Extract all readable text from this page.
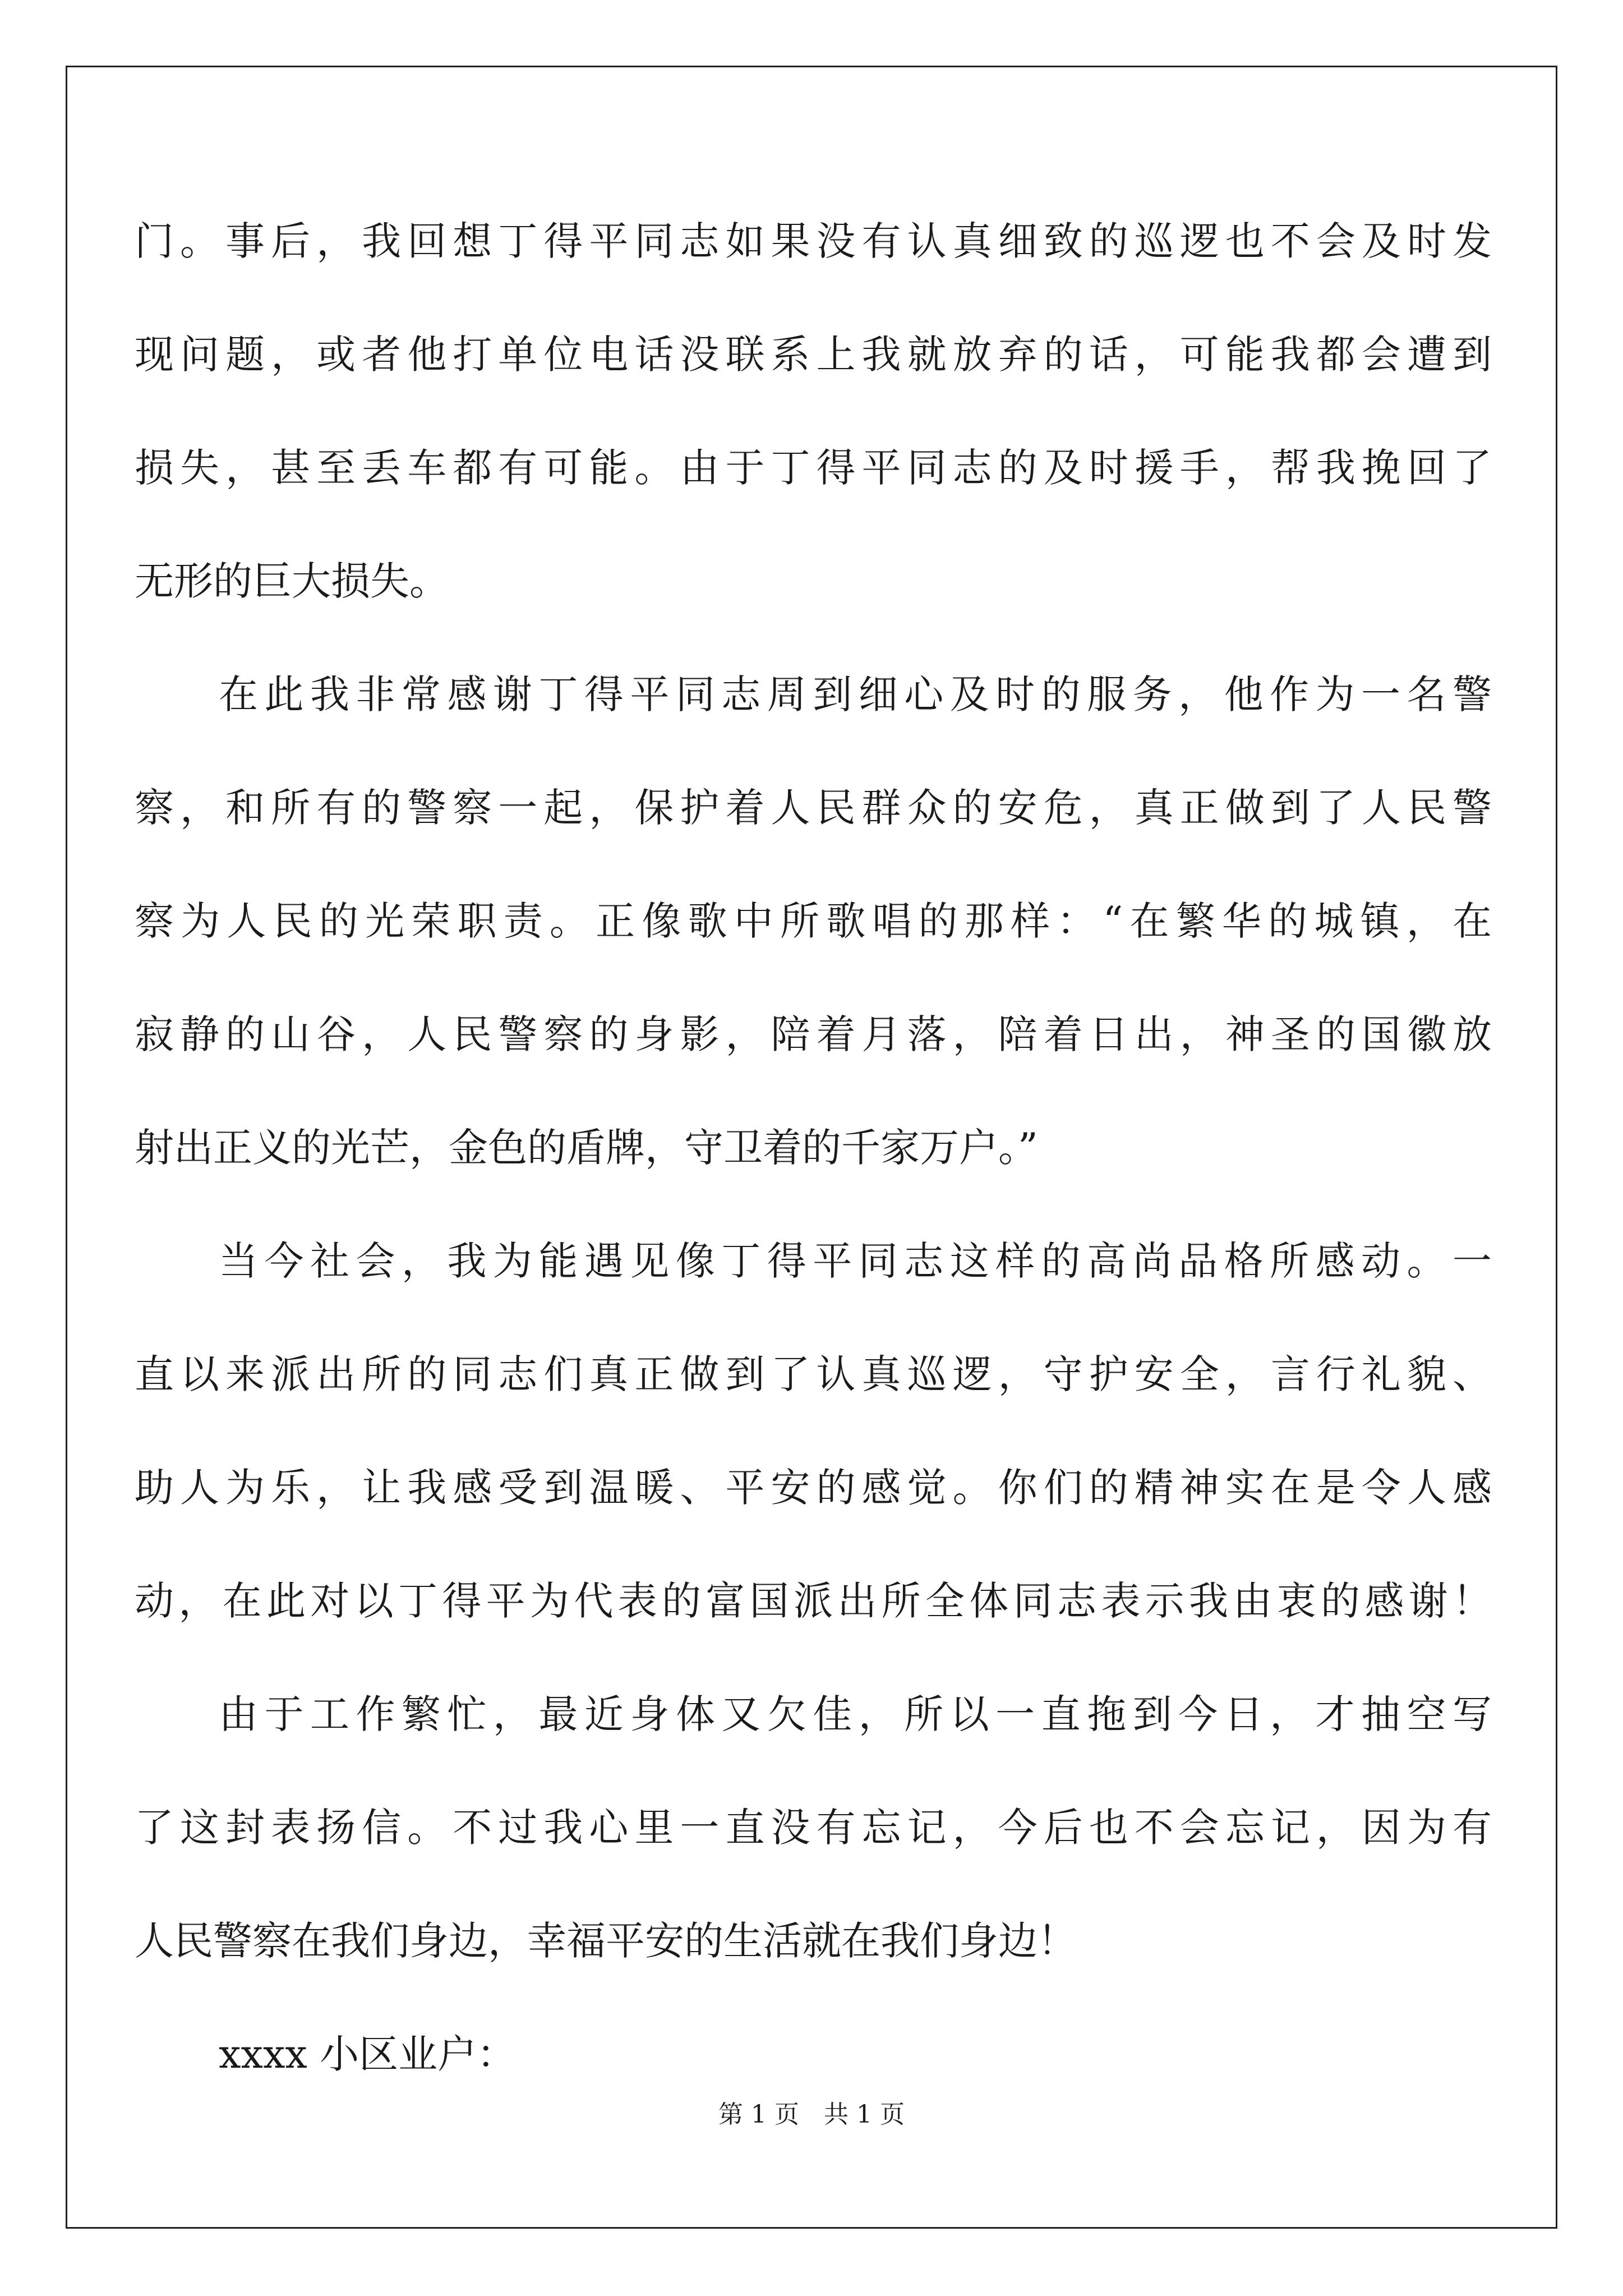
门。事后，我回想丁得平同志如果没有认真细致的巡逻也不会及时发
现问题，或者他打单位电话没联系上我就放弃的话，可能我都会遭到
损失，甚至丢车都有可能。由于丁得平同志的及时援手，帮我挽回了
无形的巨大损失。
在此我非常感谢丁得平同志周到细心及时的服务，他作为一名警
察，和所有的警察一起，保护着人民群众的安危，真正做到了人民警
察为人民的光荣职责。正像歌中所歌唱的那样：“在繁华的城镇，在
寂静的山谷，人民警察的身影，陪着月落，陪着日出，神圣的国徽放
射出正义的光芒，金色的盾牌，守卫着的千家万户。”
当今社会，我为能遇见像丁得平同志这样的高尚品格所感动。一
直以来派出所的同志们真正做到了认真巡逻，守护安全，言行礼貌、
助人为乐，让我感受到温暖、平安的感觉。你们的精神实在是令人感
动，在此对以丁得平为代表的富国派出所全体同志表示我由衷的感谢！
由于工作繁忙，最近身体又欠佳，所以一直拖到今日，才抽空写
了这封表扬信。不过我心里一直没有忘记，今后也不会忘记，因为有
人民警察在我们身边，幸福平安的生活就在我们身边！
xxxx 小区业户：
第 1 页　共 1 页
